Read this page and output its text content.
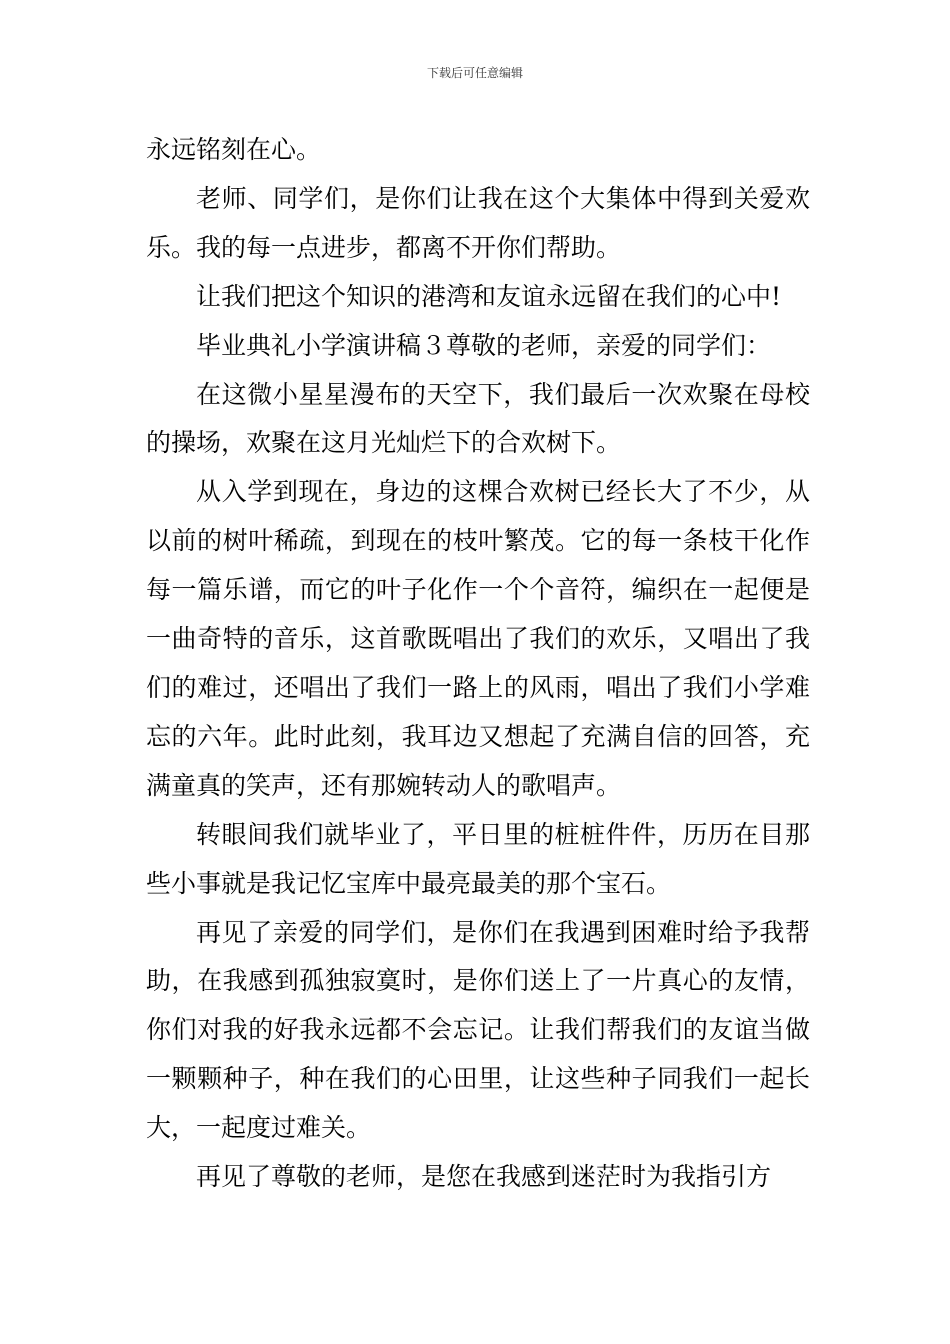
下载后可任意编辑

永远铭刻在心。

老师、同学们，是你们让我在这个大集体中得到关爱欢乐。我的每一点进步，都离不开你们帮助。

让我们把这个知识的港湾和友谊永远留在我们的心中!

毕业典礼小学演讲稿３尊敬的老师，亲爱的同学们：

在这微小星星漫布的天空下，我们最后一次欢聚在母校的操场，欢聚在这月光灿烂下的合欢树下。

从入学到现在，身边的这棵合欢树已经长大了不少，从以前的树叶稀疏，到现在的枝叶繁茂。它的每一条枝干化作每一篇乐谱，而它的叶子化作一个个音符，编织在一起便是一曲奇特的音乐，这首歌既唱出了我们的欢乐，又唱出了我们的难过，还唱出了我们一路上的风雨，唱出了我们小学难忘的六年。此时此刻，我耳边又想起了充满自信的回答，充满童真的笑声，还有那婉转动人的歌唱声。

转眼间我们就毕业了，平日里的桩桩件件，历历在目那些小事就是我记忆宝库中最亮最美的那个宝石。

再见了亲爱的同学们，是你们在我遇到困难时给予我帮助，在我感到孤独寂寞时，是你们送上了一片真心的友情，你们对我的好我永远都不会忘记。让我们帮我们的友谊当做一颗颗种子，种在我们的心田里，让这些种子同我们一起长大，一起度过难关。

再见了尊敬的老师，是您在我感到迷茫时为我指引方
